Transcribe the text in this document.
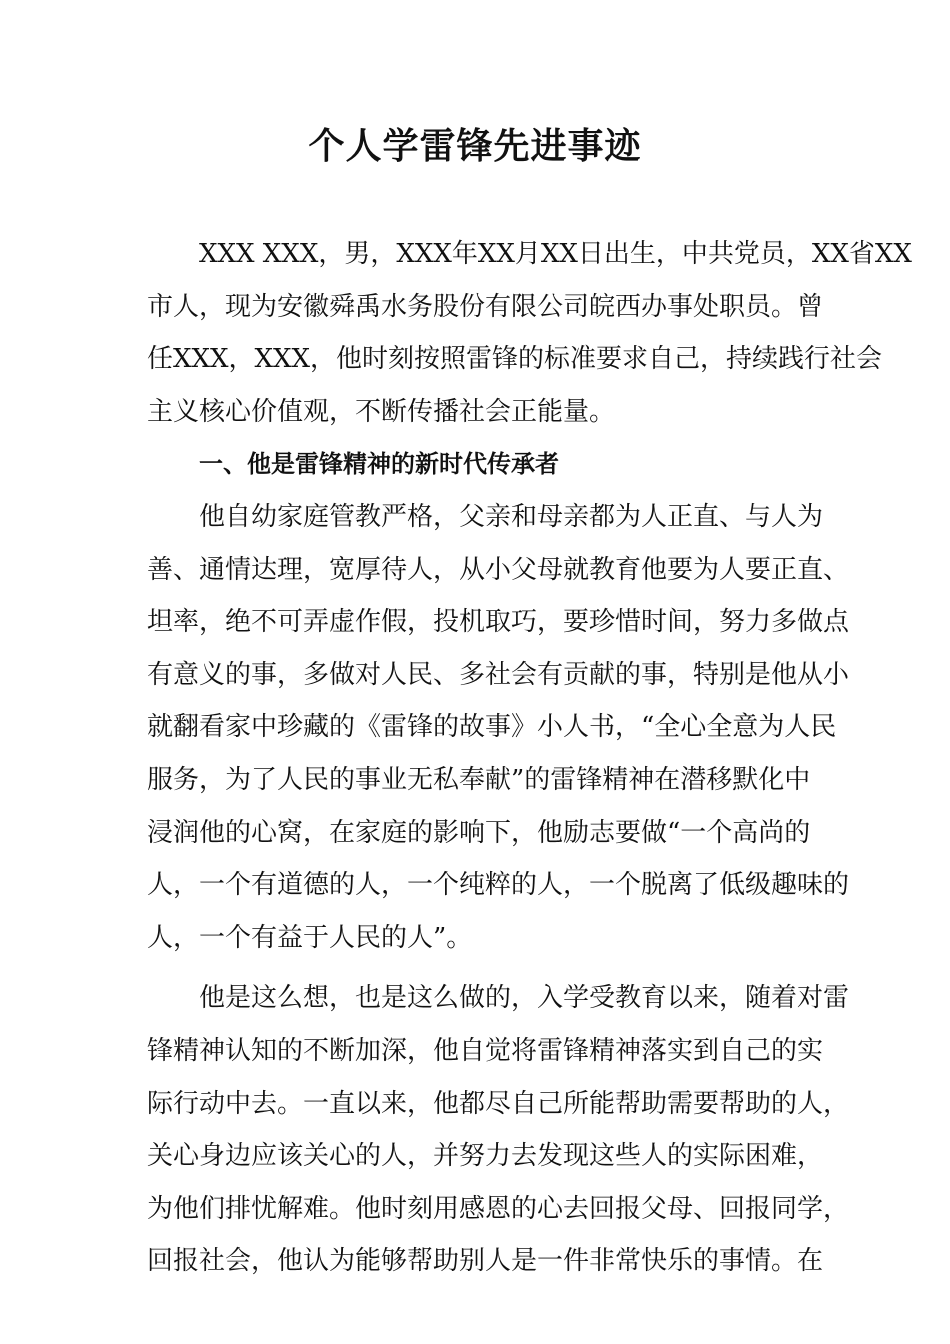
个人学雷锋先进事迹
XXX XXX，男，XXX年XX月XX日出生，中共党员，XX省XX
市人，现为安徽舜禹水务股份有限公司皖西办事处职员。曾
任XXX，XXX，他时刻按照雷锋的标准要求自己，持续践行社会
主义核心价值观，不断传播社会正能量。
一、他是雷锋精神的新时代传承者
他自幼家庭管教严格，父亲和母亲都为人正直、与人为
善、通情达理，宽厚待人，从小父母就教育他要为人要正直、
坦率，绝不可弄虚作假，投机取巧，要珍惜时间，努力多做点
有意义的事，多做对人民、多社会有贡献的事，特别是他从小
就翻看家中珍藏的《雷锋的故事》小人书，“全心全意为人民
服务，为了人民的事业无私奉献”的雷锋精神在潜移默化中
浸润他的心窝，在家庭的影响下，他励志要做“一个高尚的
人，一个有道德的人，一个纯粹的人，一个脱离了低级趣味的
人，一个有益于人民的人”。
他是这么想，也是这么做的，入学受教育以来，随着对雷
锋精神认知的不断加深，他自觉将雷锋精神落实到自己的实
际行动中去。一直以来，他都尽自己所能帮助需要帮助的人，
关心身边应该关心的人，并努力去发现这些人的实际困难，
为他们排忧解难。他时刻用感恩的心去回报父母、回报同学，
回报社会，他认为能够帮助别人是一件非常快乐的事情。在
